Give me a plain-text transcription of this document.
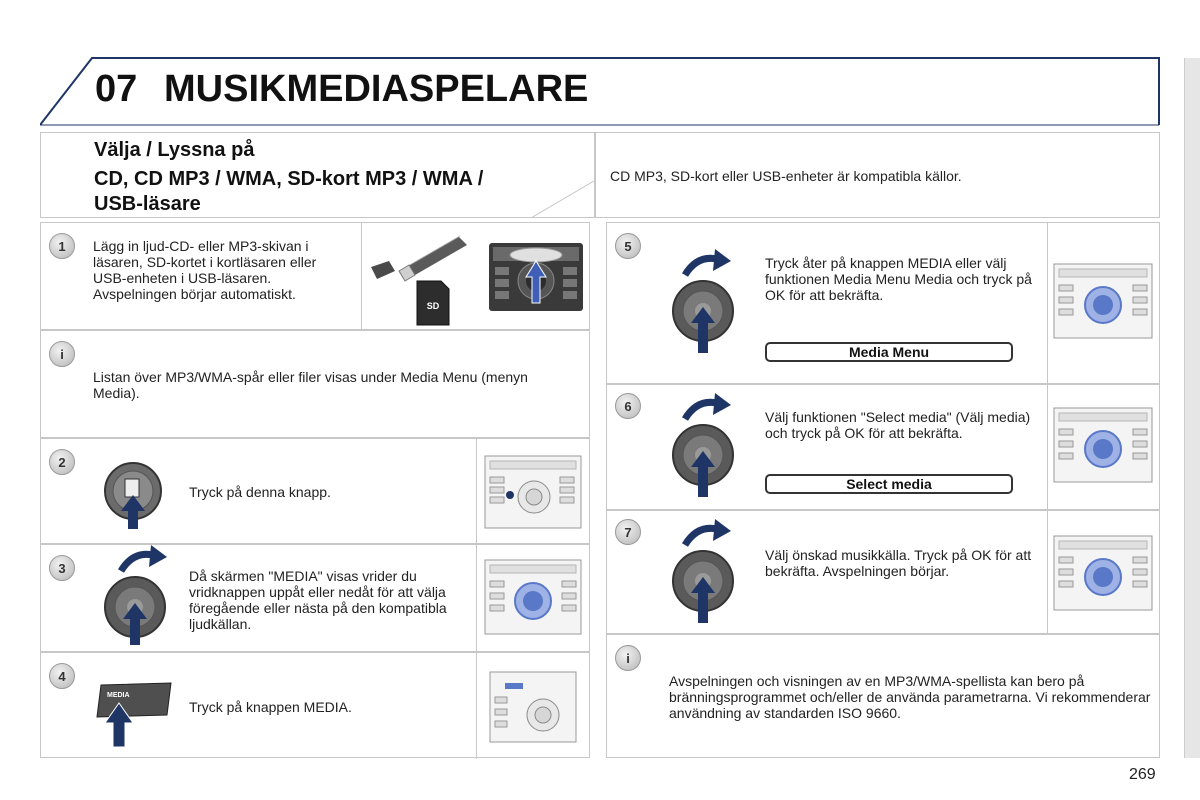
07 MUSIKMEDIASPELARE
Välja / Lyssna på
CD, CD MP3 / WMA, SD-kort MP3 / WMA / USB-läsare
CD MP3, SD-kort eller USB-enheter är kompatibla källor.
1	Lägg in ljud-CD- eller MP3-skivan i läsaren, SD-kortet i kortläsaren eller USB-enheten i USB-läsaren. Avspelningen börjar automatiskt.
SD
i
Listan över MP3/WMA-spår eller filer visas under Media Menu (menyn Media).
2
Tryck på denna knapp.
3	Då skärmen "MEDIA" visas vrider du vridknappen uppåt eller nedåt för att välja föregående eller nästa på den kompatibla ljudkällan.
4
MEDIA
Tryck på knappen MEDIA.
5
Tryck åter på knappen MEDIA eller välj funktionen Media Menu Media och tryck på OK för att bekräfta.
Media Menu
6
Välj funktionen "Select media" (Välj media) och tryck på OK för att bekräfta.
Select media
7
Välj önskad musikkälla. Tryck på OK för att bekräfta. Avspelningen börjar.
i
Avspelningen och visningen av en MP3/WMA-spellista kan bero på bränningsprogrammet och/eller de använda parametrarna. Vi rekommenderar användning av standarden ISO 9660.
269
